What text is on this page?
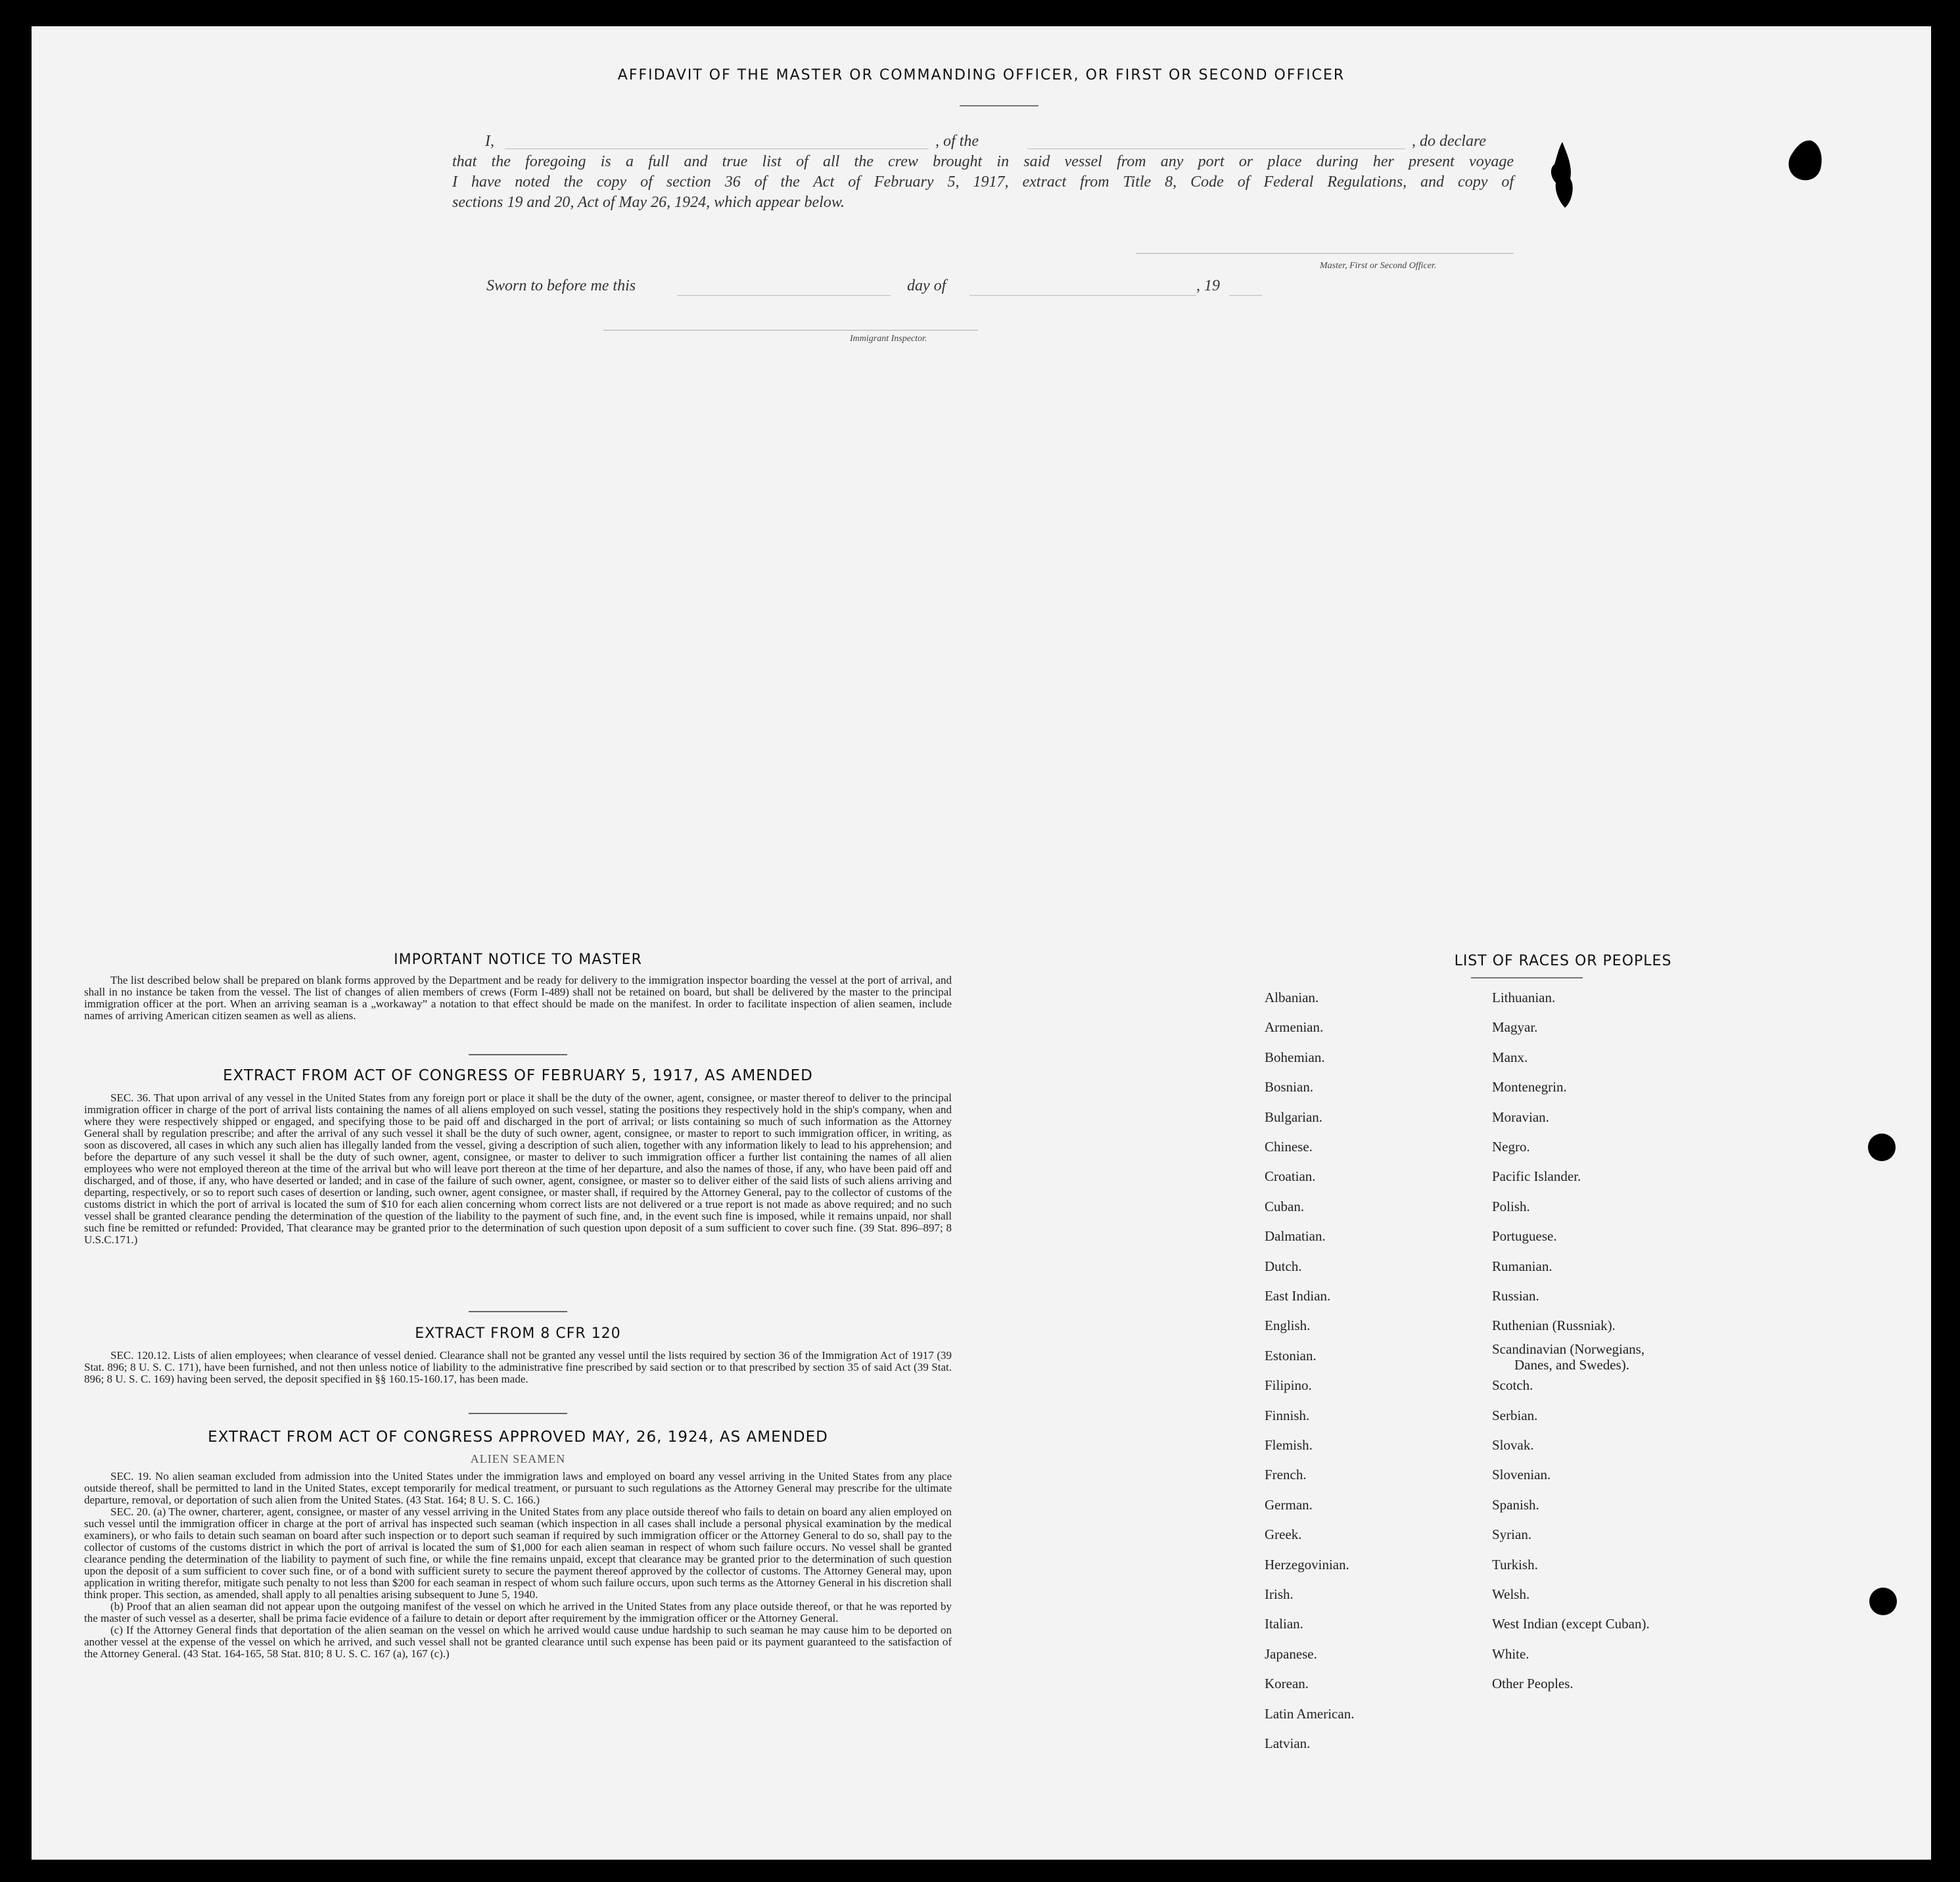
AFFIDAVIT OF THE MASTER OR COMMANDING OFFICER, OR FIRST OR SECOND OFFICER
I,	, of the	, do declare

that the foregoing is a full and true list of all the crew brought in said vessel from any port or place during her present voyage

I have noted the copy of section 36 of the Act of February 5, 1917, extract from Title 8, Code of Federal Regulations, and copy of

sections 19 and 20, Act of May 26, 1924, which appear below.

Master, First or Second Officer.
Sworn to before me this	day of	, 19
Immigrant Inspector.
IMPORTANT NOTICE TO MASTER
The list described below shall be prepared on blank forms approved by the Department and be ready for delivery to the immigration inspector boarding the vessel at the port of arrival, and shall in no instance be taken from the vessel. The list of changes of alien members of crews (Form I-489) shall not be retained on board, but shall be delivered by the master to the principal immigration officer at the port. When an arriving seaman is a „workaway” a notation to that effect should be made on the manifest. In order to facilitate inspection of alien seamen, include names of arriving American citizen seamen as well as aliens.
EXTRACT FROM ACT OF CONGRESS OF FEBRUARY 5, 1917, AS AMENDED
SEC. 36. That upon arrival of any vessel in the United States from any foreign port or place it shall be the duty of the owner, agent, consignee, or master thereof to deliver to the principal immigration officer in charge of the port of arrival lists containing the names of all aliens employed on such vessel, stating the positions they respectively hold in the ship's company, when and where they were respectively shipped or engaged, and specifying those to be paid off and discharged in the port of arrival; or lists containing so much of such information as the Attorney General shall by regulation prescribe; and after the arrival of any such vessel it shall be the duty of such owner, agent, consignee, or master to report to such immigration officer, in writing, as soon as discovered, all cases in which any such alien has illegally landed from the vessel, giving a description of such alien, together with any information likely to lead to his apprehension; and before the departure of any such vessel it shall be the duty of such owner, agent, consignee, or master to deliver to such immigration officer a further list containing the names of all alien employees who were not employed thereon at the time of the arrival but who will leave port thereon at the time of her departure, and also the names of those, if any, who have been paid off and discharged, and of those, if any, who have deserted or landed; and in case of the failure of such owner, agent, consignee, or master so to deliver either of the said lists of such aliens arriving and departing, respectively, or so to report such cases of desertion or landing, such owner, agent consignee, or master shall, if required by the Attorney General, pay to the collector of customs of the customs district in which the port of arrival is located the sum of $10 for each alien concerning whom correct lists are not delivered or a true report is not made as above required; and no such vessel shall be granted clearance pending the determination of the question of the liability to the payment of such fine, and, in the event such fine is imposed, while it remains unpaid, nor shall such fine be remitted or refunded: Provided, That clearance may be granted prior to the determination of such question upon deposit of a sum sufficient to cover such fine. (39 Stat. 896–897; 8 U.S.C.171.)
EXTRACT FROM 8 CFR 120
SEC. 120.12. Lists of alien employees; when clearance of vessel denied. Clearance shall not be granted any vessel until the lists required by section 36 of the Immigration Act of 1917 (39 Stat. 896; 8 U. S. C. 171), have been furnished, and not then unless notice of liability to the administrative fine prescribed by said section or to that prescribed by section 35 of said Act (39 Stat. 896; 8 U. S. C. 169) having been served, the deposit specified in §§ 160.15-160.17, has been made.
EXTRACT FROM ACT OF CONGRESS APPROVED MAY, 26, 1924, AS AMENDED
ALIEN SEAMEN

SEC. 19. No alien seaman excluded from admission into the United States under the immigration laws and employed on board any vessel arriving in the United States from any place outside thereof, shall be permitted to land in the United States, except temporarily for medical treatment, or pursuant to such regulations as the Attorney General may prescribe for the ultimate departure, removal, or deportation of such alien from the United States. (43 Stat. 164; 8 U. S. C. 166.)

SEC. 20. (a) The owner, charterer, agent, consignee, or master of any vessel arriving in the United States from any place outside thereof who fails to detain on board any alien employed on such vessel until the immigration officer in charge at the port of arrival has inspected such seaman (which inspection in all cases shall include a personal physical examination by the medical examiners), or who fails to detain such seaman on board after such inspection or to deport such seaman if required by such immigration officer or the Attorney General to do so, shall pay to the collector of customs of the customs district in which the port of arrival is located the sum of $1,000 for each alien seaman in respect of whom such failure occurs. No vessel shall be granted clearance pending the determination of the liability to payment of such fine, or while the fine remains unpaid, except that clearance may be granted prior to the determination of such question upon the deposit of a sum sufficient to cover such fine, or of a bond with sufficient surety to secure the payment thereof approved by the collector of customs. The Attorney General may, upon application in writing therefor, mitigate such penalty to not less than $200 for each seaman in respect of whom such failure occurs, upon such terms as the Attorney General in his discretion shall think proper. This section, as amended, shall apply to all penalties arising subsequent to June 5, 1940.

(b) Proof that an alien seaman did not appear upon the outgoing manifest of the vessel on which he arrived in the United States from any place outside thereof, or that he was reported by the master of such vessel as a deserter, shall be prima facie evidence of a failure to detain or deport after requirement by the immigration officer or the Attorney General.

(c) If the Attorney General finds that deportation of the alien seaman on the vessel on which he arrived would cause undue hardship to such seaman he may cause him to be deported on another vessel at the expense of the vessel on which he arrived, and such vessel shall not be granted clearance until such expense has been paid or its payment guaranteed to the satisfaction of the Attorney General. (43 Stat. 164-165, 58 Stat. 810; 8 U. S. C. 167 (a), 167 (c).)

LIST OF RACES OR PEOPLES
Albanian.
Armenian.
Bohemian.
Bosnian.
Bulgarian.
Chinese.
Croatian.
Cuban.
Dalmatian.
Dutch.
East Indian.
English.
Estonian.
Filipino.
Finnish.
Flemish.
French.
German.
Greek.
Herzegovinian.
Irish.
Italian.
Japanese.
Korean.
Latin American.
Latvian.
Lithuanian.
Magyar.
Manx.
Montenegrin.
Moravian.
Negro.
Pacific Islander.
Polish.
Portuguese.
Rumanian.
Russian.
Ruthenian (Russniak).
Scandinavian (Norwegians,
Danes, and Swedes).
Scotch.
Serbian.
Slovak.
Slovenian.
Spanish.
Syrian.
Turkish.
Welsh.
West Indian (except Cuban).
White.
Other Peoples.
